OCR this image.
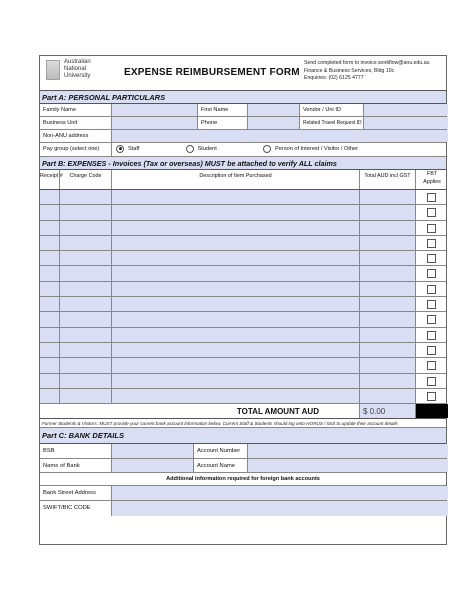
Australian
National
University	EXPENSE REIMBURSEMENT FORM
Send completed form to invoice.workflow@anu.edu.au
Finance & Business Services, Bldg 10c
Enquiries: (02) 6125 4777
Part A: PERSONAL PARTICULARS
Family Name	First Name	Vendor / Uni ID
Business Unit	Phone	Related Travel Request ID
Non-ANU address
Pay group (select one)	Staff	Student	Person of Interest / Visitor / Other
Part B: EXPENSES - Invoices (Tax or overseas) MUST be attached to verify ALL claims
Receipt #	Charge Code	Description of Item Purchased	Total AUD incl GST	FBT Applies
TOTAL AMOUNT AUD	$ 0.00
Former Students & Visitors: MUST provide your current bank account information below. Current Staff & Students should log onto HORUS / ISIS to update their account details
Part C: BANK DETAILS
BSB	Account Number
Name of Bank	Account Name
Additional information required for foreign bank accounts
Bank Street Address
SWIFT/BIC CODE
